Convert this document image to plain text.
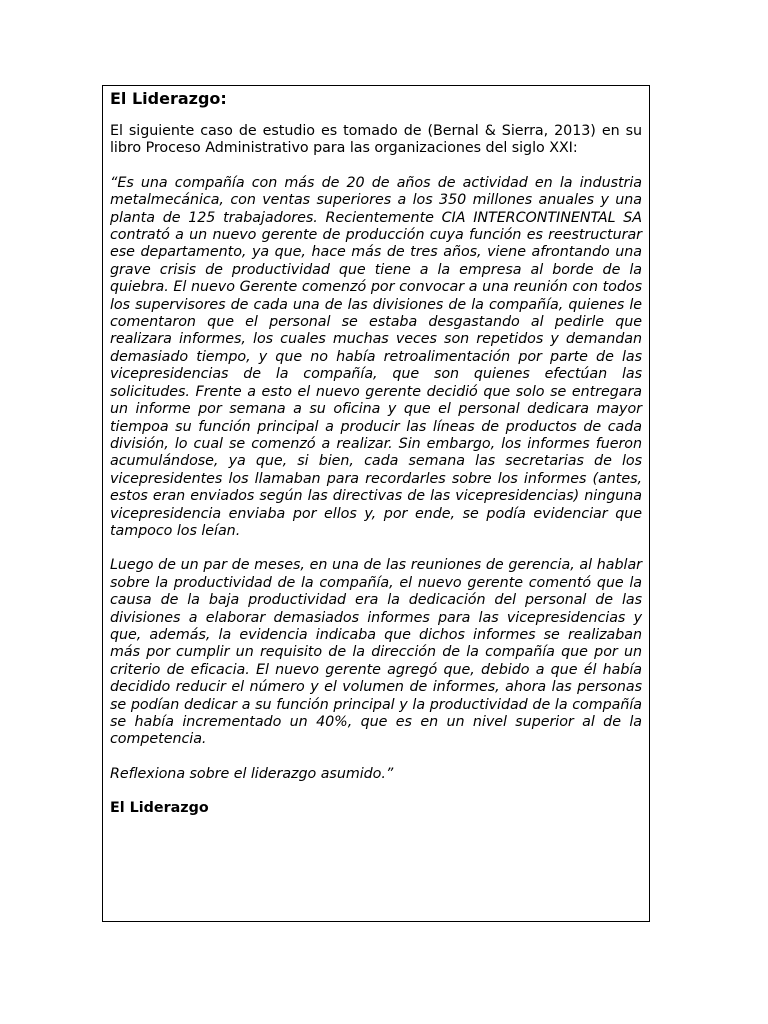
El Liderazgo:

El siguiente caso de estudio es tomado de (Bernal & Sierra, 2013) en su libro Proceso Administrativo para las organizaciones del siglo XXI:

“Es una compañía con más de 20 de años de actividad en la industria metalmecánica, con ventas superiores a los 350 millones anuales y una planta de 125 trabajadores. Recientemente CIA INTERCONTINENTAL SA contrató a un nuevo gerente de producción cuya función es reestructurar ese departamento, ya que, hace más de tres años, viene afrontando una grave crisis de productividad que tiene a la empresa al borde de la quiebra. El nuevo Gerente comenzó por convocar a una reunión con todos los supervisores de cada una de las divisiones de la compañía, quienes le comentaron que el personal se estaba desgastando al pedirle que realizara informes, los cuales muchas veces son repetidos y demandan demasiado tiempo, y que no había retroalimentación por parte de las vicepresidencias de la compañía, que son quienes efectúan las solicitudes. Frente a esto el nuevo gerente decidió que solo se entregara un informe por semana a su oficina y que el personal dedicara mayor tiempoa su función principal a producir las líneas de productos de cada división, lo cual se comenzó a realizar. Sin embargo, los informes fueron acumulándose, ya que, si bien, cada semana las secretarias de los vicepresidentes los llamaban para recordarles sobre los informes (antes, estos eran enviados según las directivas de las vicepresidencias) ninguna vicepresidencia enviaba por ellos y, por ende, se podía evidenciar que tampoco los leían.

Luego de un par de meses, en una de las reuniones de gerencia, al hablar sobre la productividad de la compañía, el nuevo gerente comentó que la causa de la baja productividad era la dedicación del personal de las divisiones a elaborar demasiados informes para las vicepresidencias y que, además, la evidencia indicaba que dichos informes se realizaban más por cumplir un requisito de la dirección de la compañía que por un criterio de eficacia. El nuevo gerente agregó que, debido a que él había decidido reducir el número y el volumen de informes, ahora las personas se podían dedicar a su función principal y la productividad de la compañía se había incrementado un 40%, que es en un nivel superior al de la competencia.

Reflexiona sobre el liderazgo asumido.”

El Liderazgo
